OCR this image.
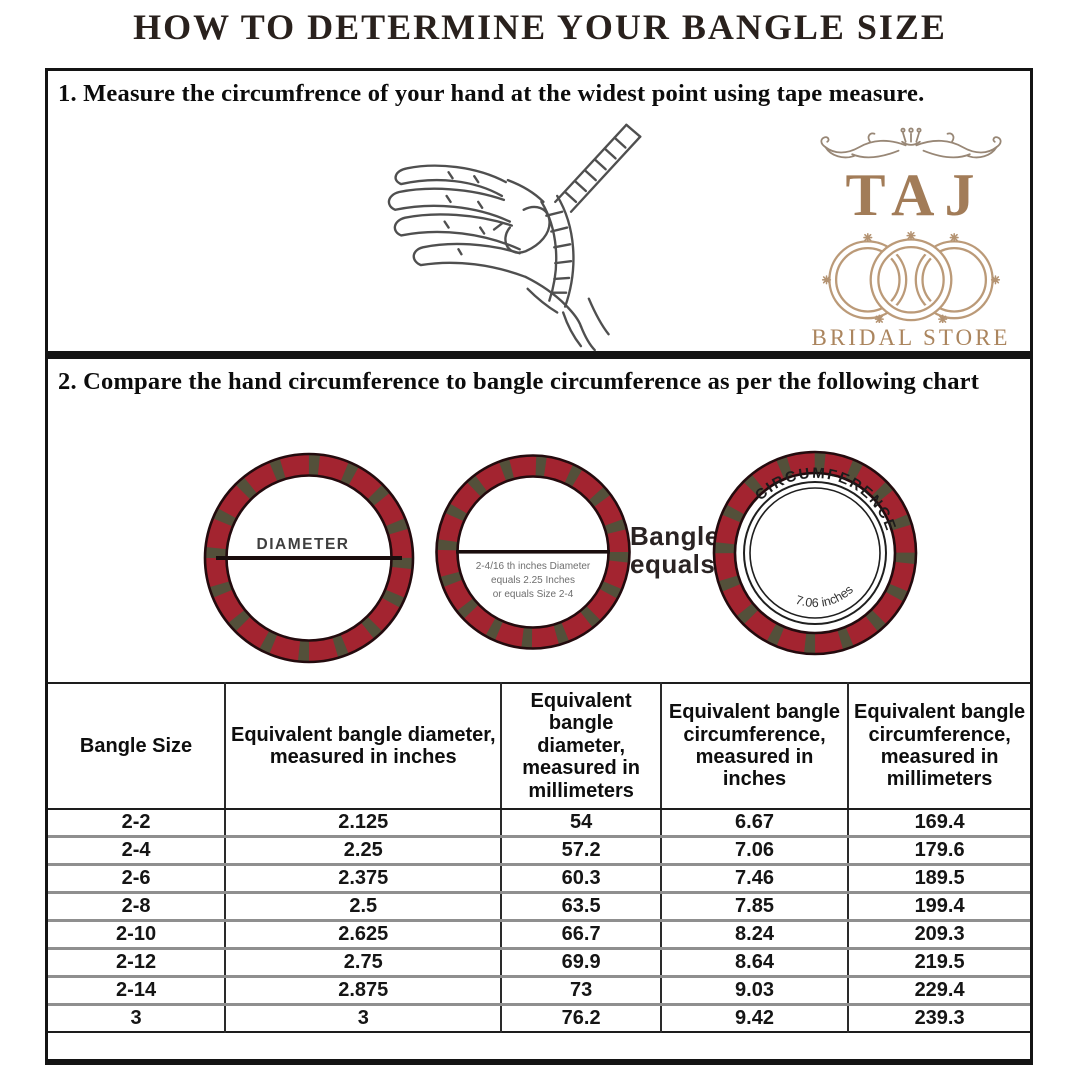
HOW TO DETERMINE YOUR BANGLE SIZE

1. Measure the circumfrence of your hand at the widest point using tape measure.

TAJ
BRIDAL STORE

2. Compare the hand circumference to bangle circumference as per the following chart

DIAMETER
2-4/16 th inches Diameter
equals 2.25 Inches
or equals Size 2-4
Bangle
equals
CIRCUMFERENCE
7.06 inches
Bangle Size	Equivalent bangle diameter, measured in inches	Equivalent bangle diameter, measured in millimeters	Equivalent bangle circumference, measured in inches	Equivalent bangle circumference, measured in millimeters
2-2	2.125	54	6.67	169.4
2-4	2.25	57.2	7.06	179.6
2-6	2.375	60.3	7.46	189.5
2-8	2.5	63.5	7.85	199.4
2-10	2.625	66.7	8.24	209.3
2-12	2.75	69.9	8.64	219.5
2-14	2.875	73	9.03	229.4
3	3	76.2	9.42	239.3
